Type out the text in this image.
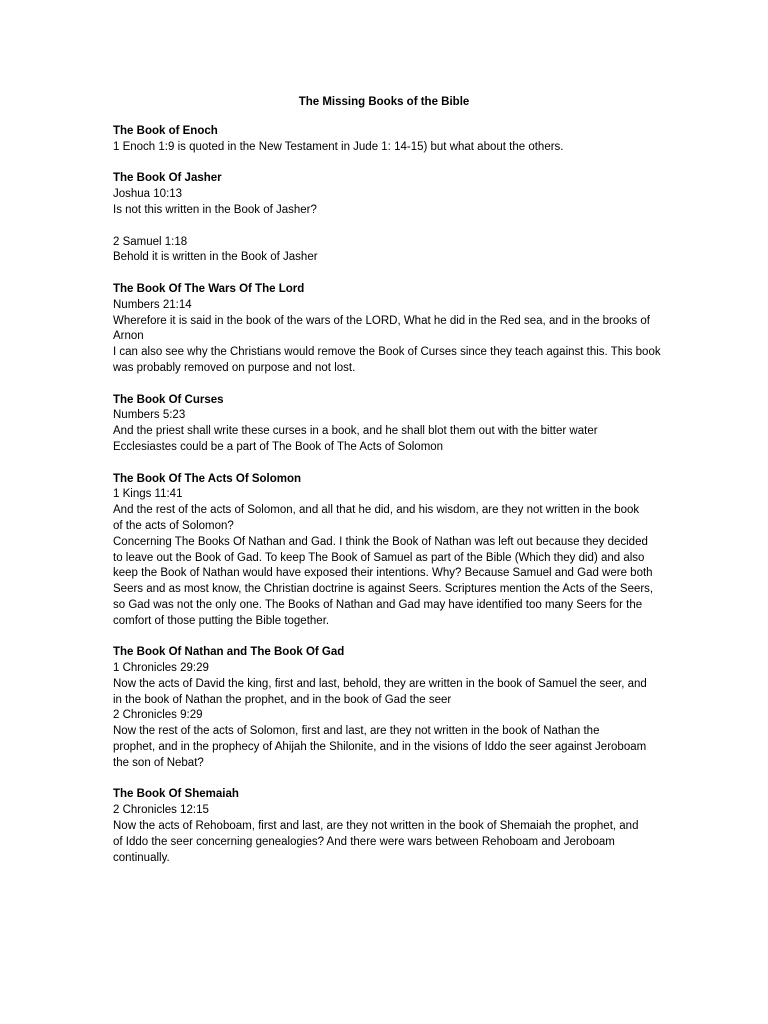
The Missing Books of the Bible
The Book of Enoch
1 Enoch 1:9 is quoted in the New Testament in Jude 1: 14-15) but what about the others.
The Book Of Jasher
Joshua 10:13
Is not this written in the Book of Jasher?
2 Samuel 1:18
Behold it is written in the Book of Jasher
The Book Of The Wars Of The Lord
Numbers 21:14
Wherefore it is said in the book of the wars of the LORD, What he did in the Red sea, and in the brooks of
Arnon
I can also see why the Christians would remove the Book of Curses since they teach against this. This book
was probably removed on purpose and not lost.
The Book Of Curses
Numbers 5:23
And the priest shall write these curses in a book, and he shall blot them out with the bitter water
Ecclesiastes could be a part of The Book of The Acts of Solomon
The Book Of The Acts Of Solomon
1 Kings 11:41
And the rest of the acts of Solomon, and all that he did, and his wisdom, are they not written in the book
of the acts of Solomon?
Concerning The Books Of Nathan and Gad. I think the Book of Nathan was left out because they decided
to leave out the Book of Gad. To keep The Book of Samuel as part of the Bible (Which they did) and also
keep the Book of Nathan would have exposed their intentions. Why? Because Samuel and Gad were both
Seers and as most know, the Christian doctrine is against Seers. Scriptures mention the Acts of the Seers,
so Gad was not the only one. The Books of Nathan and Gad may have identified too many Seers for the
comfort of those putting the Bible together.
The Book Of Nathan and The Book Of Gad
1 Chronicles 29:29
Now the acts of David the king, first and last, behold, they are written in the book of Samuel the seer, and
in the book of Nathan the prophet, and in the book of Gad the seer
2 Chronicles 9:29
Now the rest of the acts of Solomon, first and last, are they not written in the book of Nathan the
prophet, and in the prophecy of Ahijah the Shilonite, and in the visions of Iddo the seer against Jeroboam
the son of Nebat?
The Book Of Shemaiah
2 Chronicles 12:15
Now the acts of Rehoboam, first and last, are they not written in the book of Shemaiah the prophet, and
of Iddo the seer concerning genealogies? And there were wars between Rehoboam and Jeroboam
continually.
